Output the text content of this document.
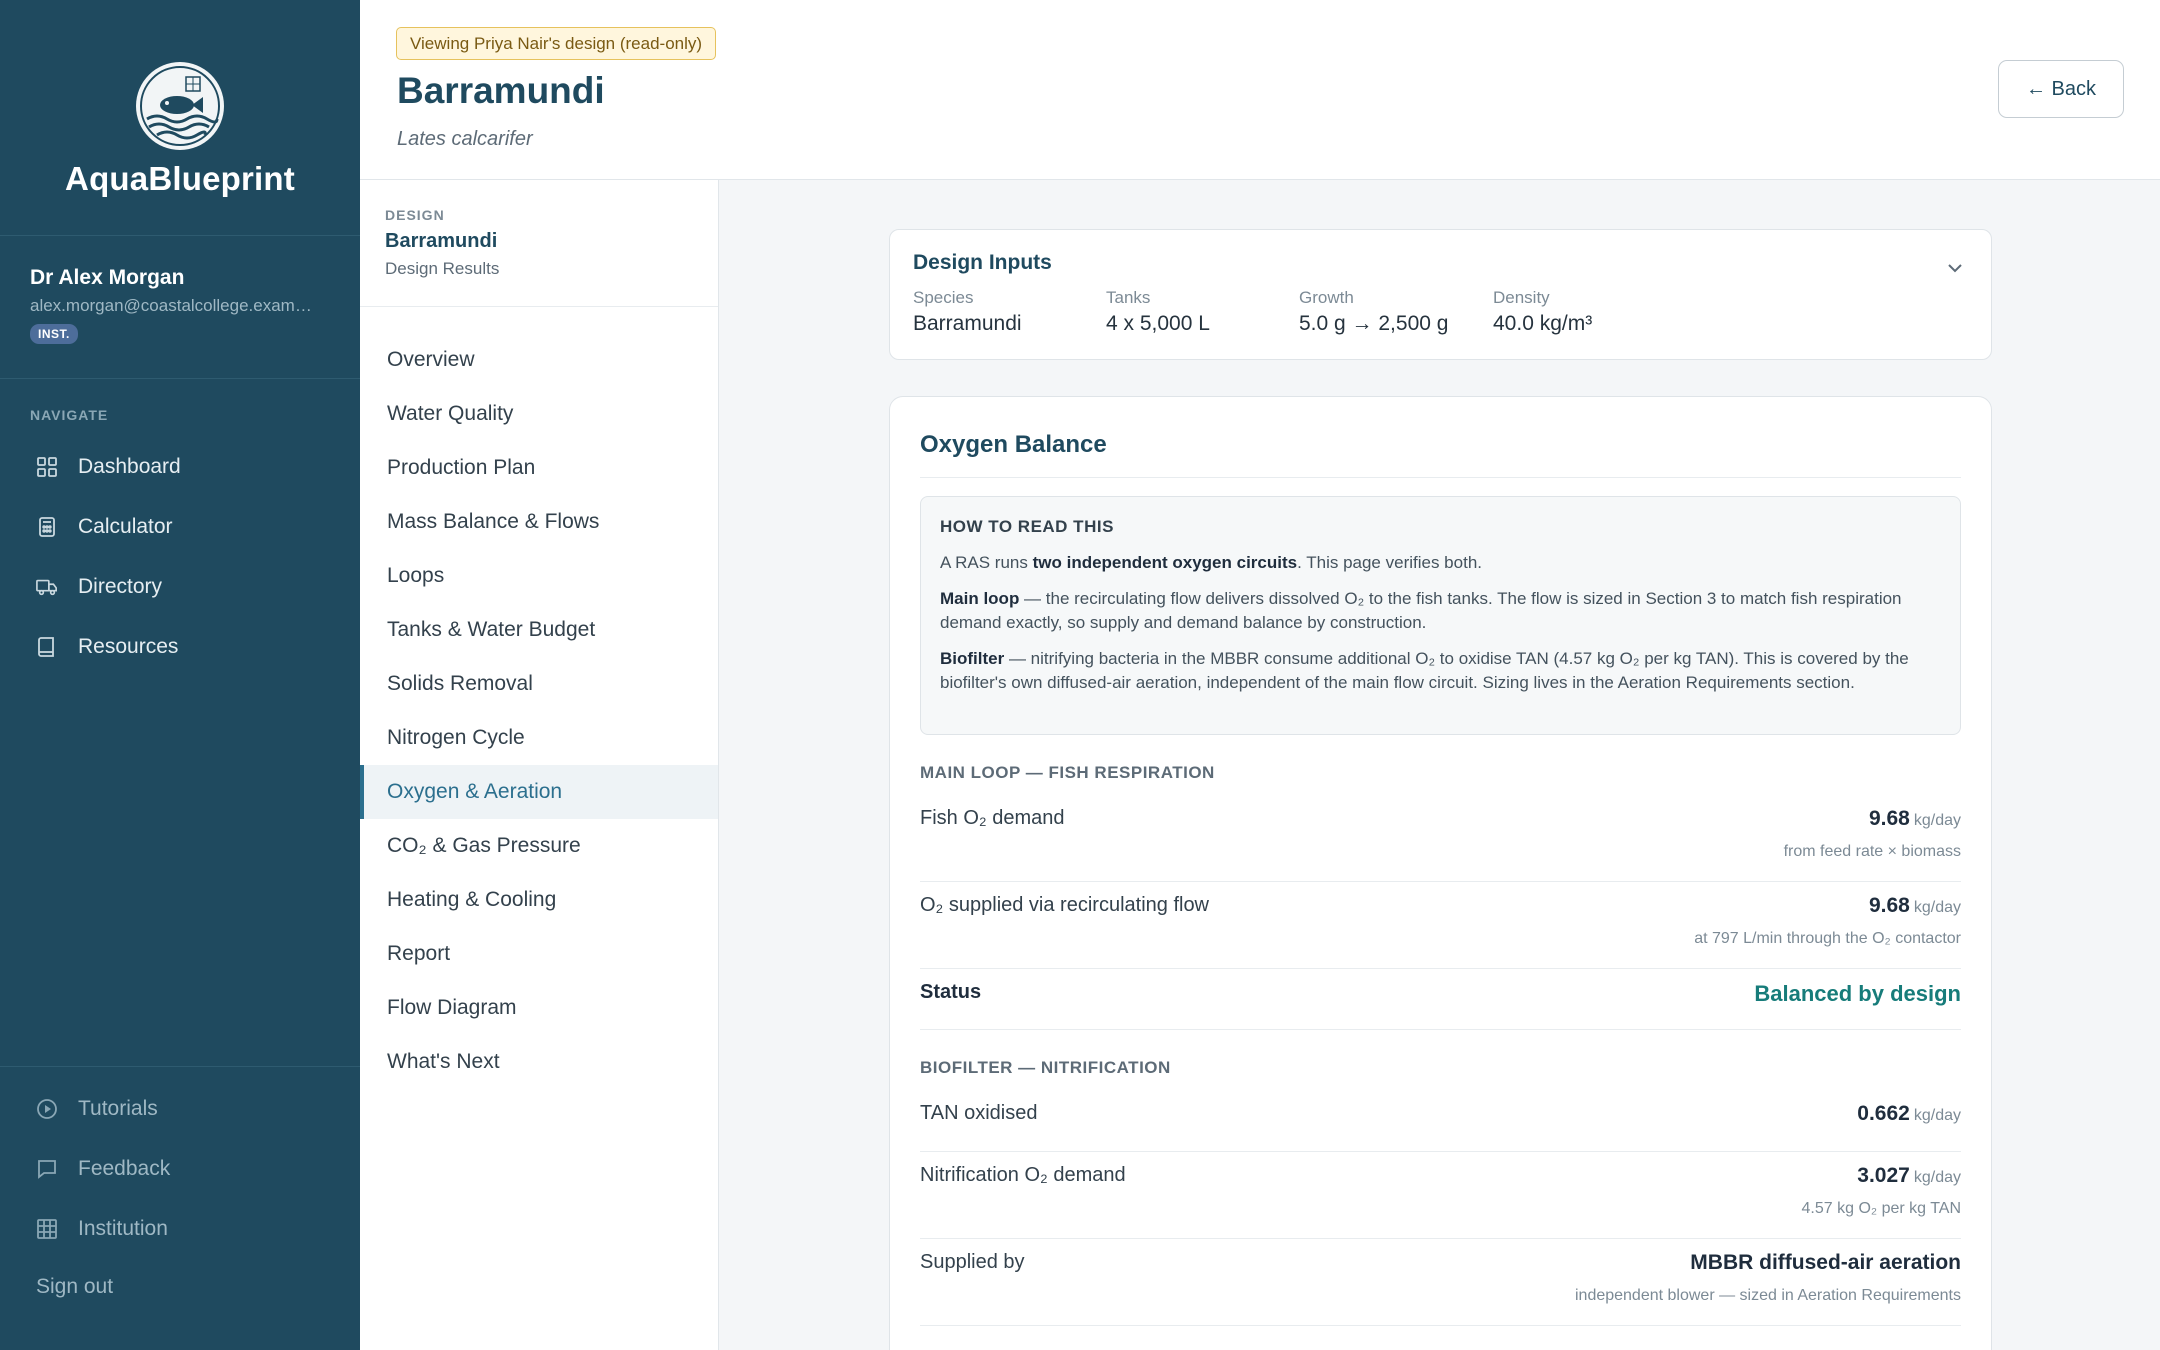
AquaBlueprint
Dr Alex Morgan
alex.morgan@coastalcollege.exam…
INST.
NAVIGATE
Dashboard
Calculator
Directory
Resources
Tutorials
Feedback
Institution
Sign out
Viewing Priya Nair's design (read-only)
Barramundi
Lates calcarifer
← Back
DESIGN
Barramundi
Design Results
Overview
Water Quality
Production Plan
Mass Balance & Flows
Loops
Tanks & Water Budget
Solids Removal
Nitrogen Cycle
Oxygen & Aeration
CO₂ & Gas Pressure
Heating & Cooling
Report
Flow Diagram
What's Next
Design Inputs
Species
Barramundi
Tanks
4 x 5,000 L
Growth
5.0 g → 2,500 g
Density
40.0 kg/m³
Oxygen Balance
HOW TO READ THIS

A RAS runs two independent oxygen circuits. This page verifies both.

Main loop — the recirculating flow delivers dissolved O₂ to the fish tanks. The flow is sized in Section 3 to match fish respiration demand exactly, so supply and demand balance by construction.

Biofilter — nitrifying bacteria in the MBBR consume additional O₂ to oxidise TAN (4.57 kg O₂ per kg TAN). This is covered by the biofilter's own diffused-air aeration, independent of the main flow circuit. Sizing lives in the Aeration Requirements section.

MAIN LOOP — FISH RESPIRATION
Fish O₂ demand	9.68 kg/day
from feed rate × biomass
O₂ supplied via recirculating flow	9.68 kg/day
at 797 L/min through the O₂ contactor
Status	Balanced by design
BIOFILTER — NITRIFICATION
TAN oxidised	0.662 kg/day
Nitrification O₂ demand	3.027 kg/day
4.57 kg O₂ per kg TAN
Supplied by	MBBR diffused-air aeration
independent blower — sized in Aeration Requirements
